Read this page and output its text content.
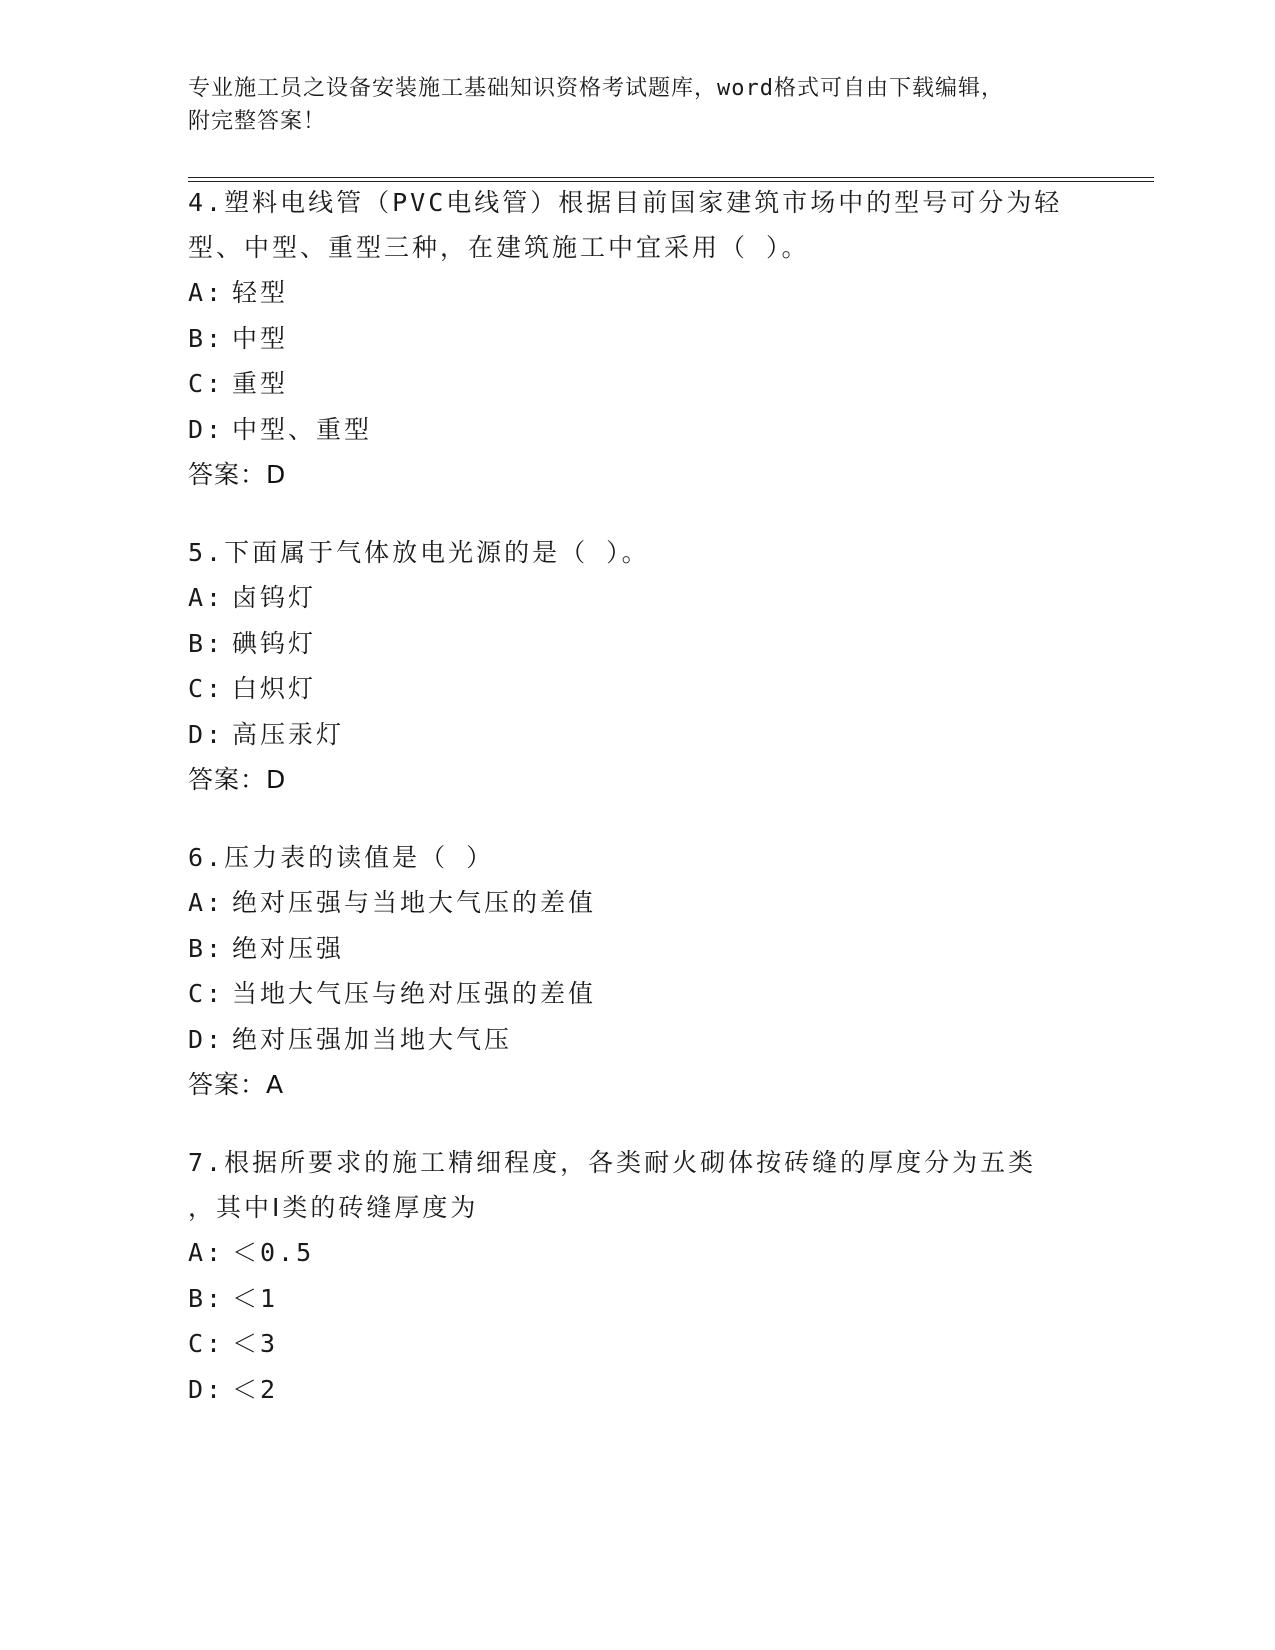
专业施工员之设备安装施工基础知识资格考试题库，word格式可自由下载编辑，
附完整答案！
4.塑料电线管（PVC电线管）根据目前国家建筑市场中的型号可分为轻
型、中型、重型三种，在建筑施工中宜采用（ ）。
A: 轻型
B: 中型
C: 重型
D: 中型、重型
答案：D
5.下面属于气体放电光源的是（ ）。
A: 卤钨灯
B: 碘钨灯
C: 白炽灯
D: 高压汞灯
答案：D
6.压力表的读值是（ ）
A: 绝对压强与当地大气压的差值
B: 绝对压强
C: 当地大气压与绝对压强的差值
D: 绝对压强加当地大气压
答案：A
7.根据所要求的施工精细程度，各类耐火砌体按砖缝的厚度分为五类
，其中Ⅰ类的砖缝厚度为
A: ＜0.5
B: ＜1
C: ＜3
D: ＜2
